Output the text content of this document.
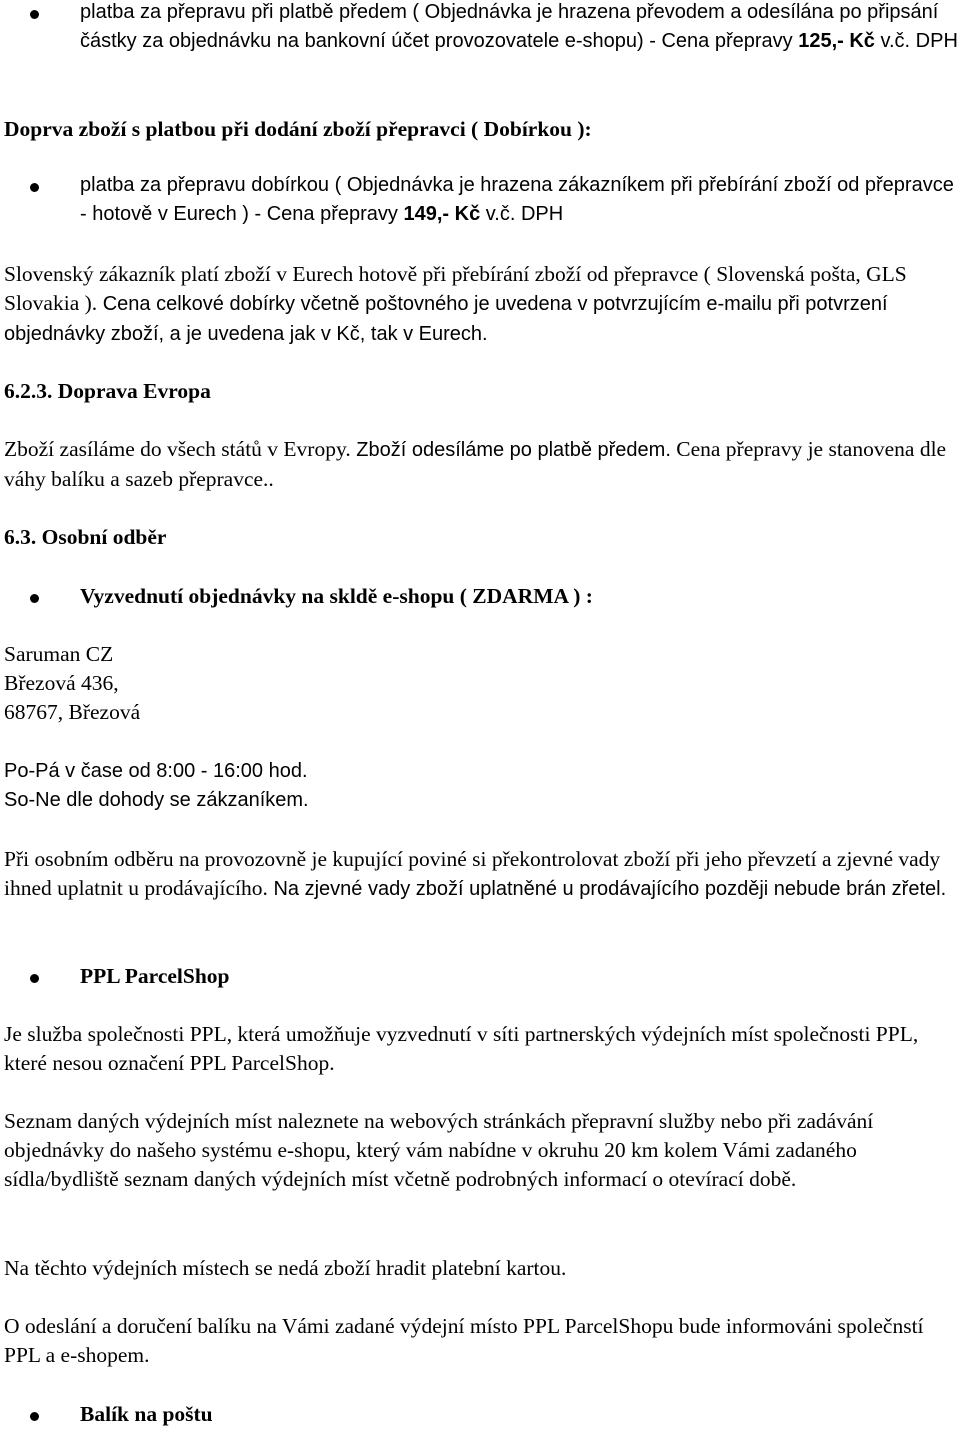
platba za přepravu při platbě předem ( Objednávka je hrazena převodem a odesílána po připsání částky za objednávku na bankovní účet provozovatele e-shopu) - Cena přepravy 125,- Kč v.č. DPH

Doprva zboží s platbou při dodání zboží přepravci ( Dobírkou ):

platba za přepravu dobírkou ( Objednávka je hrazena zákazníkem při přebírání zboží od přepravce - hotově v Eurech ) - Cena přepravy 149,- Kč v.č. DPH

Slovenský zákazník platí zboží v Eurech hotově při přebírání zboží od přepravce ( Slovenská pošta, GLS Slovakia ). Cena celkové dobírky včetně poštovného je uvedena v potvrzujícím e-mailu při potvrzení objednávky zboží, a je uvedena jak v Kč, tak v Eurech.

6.2.3. Doprava Evropa

Zboží zasíláme do všech států v Evropy. Zboží odesíláme po platbě předem. Cena přepravy je stanovena dle váhy balíku a sazeb přepravce..

6.3. Osobní odběr

Vyzvednutí objednávky na skldě e-shopu ( ZDARMA ) :

Saruman CZ
Březová 436,
68767, Březová
Po-Pá v čase od 8:00 - 16:00 hod.
So-Ne dle dohody se zákzaníkem.

Při osobním odběru na provozovně je kupující poviné si překontrolovat zboží při jeho převzetí a zjevné vady ihned uplatnit u prodávajícího. Na zjevné vady zboží uplatněné u prodávajícího později nebude brán zřetel.

PPL ParcelShop

Je služba společnosti PPL, která umožňuje vyzvednutí v síti partnerských výdejních míst společnosti PPL, které nesou označení PPL ParcelShop.

Seznam daných výdejních míst naleznete na webových stránkách přepravní služby nebo při zadávání objednávky do našeho systému e-shopu, který vám nabídne v okruhu 20 km kolem Vámi zadaného sídla/bydliště seznam daných výdejních míst včetně podrobných informací o otevírací době.

Na těchto výdejních místech se nedá zboží hradit platební kartou.

O odeslání a doručení balíku na Vámi zadané výdejní místo PPL ParcelShopu bude informováni společnstí PPL a e-shopem.

Balík na poštu
